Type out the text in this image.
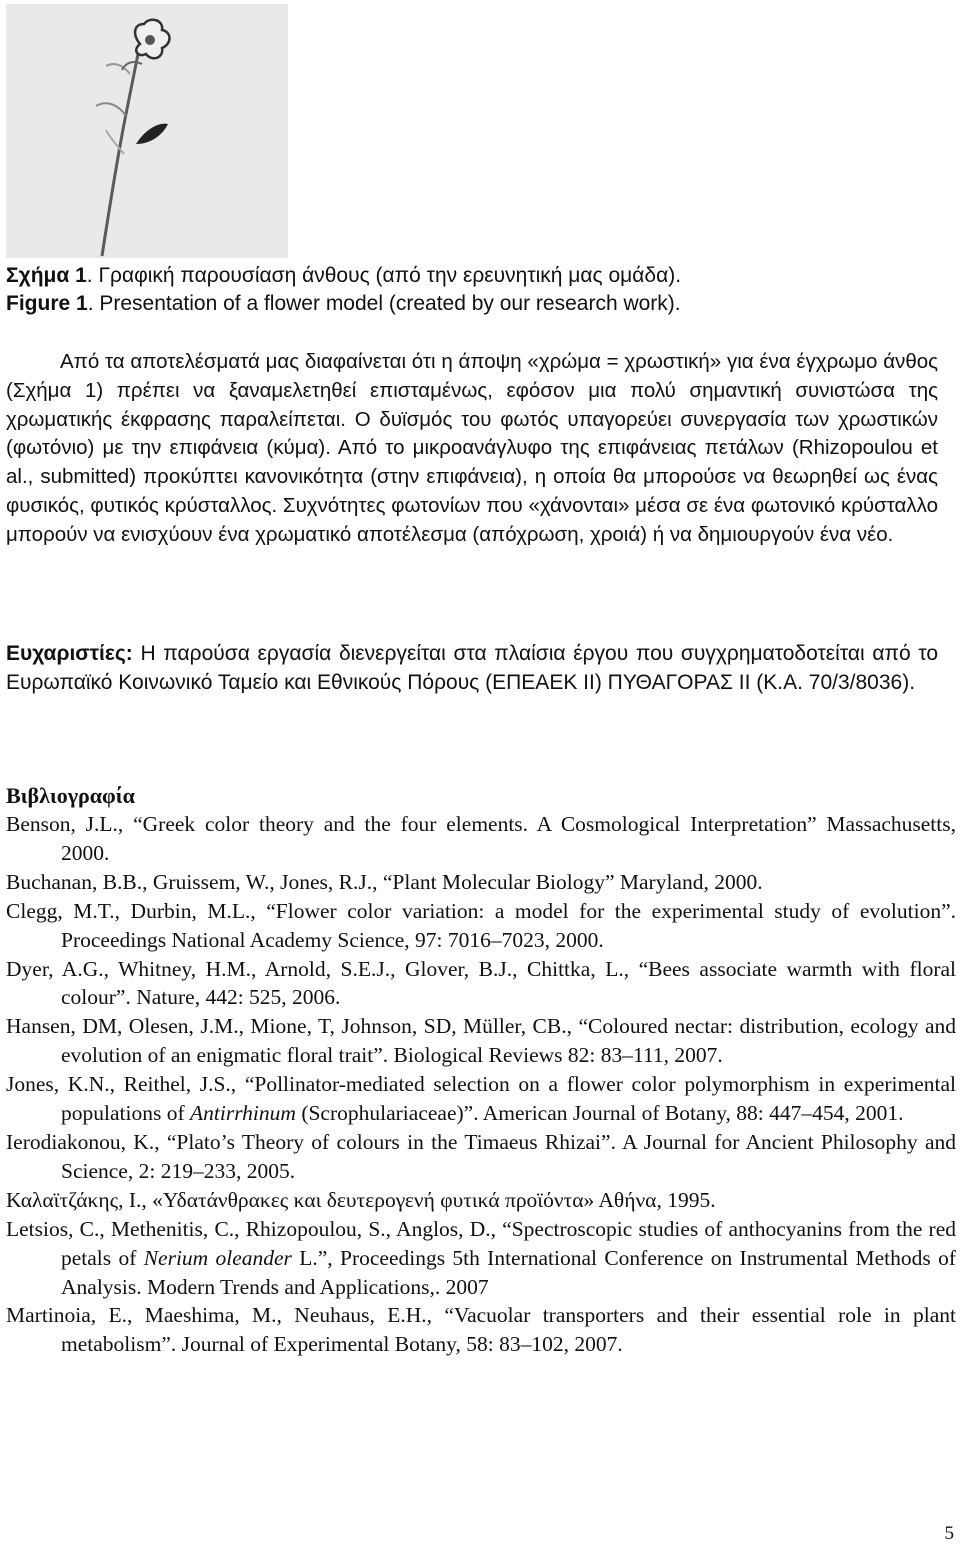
Σχήμα 1. Γραφική παρουσίαση άνθους (από την ερευνητική μας ομάδα).
Figure 1. Presentation of a flower model (created by our research work).
Από τα αποτελέσματά μας διαφαίνεται ότι η άποψη «χρώμα = χρωστική» για ένα έγχρωμο άνθος (Σχήμα 1) πρέπει να ξαναμελετηθεί επισταμένως, εφόσον μια πολύ σημαντική συνιστώσα της χρωματικής έκφρασης παραλείπεται. Ο δυϊσμός του φωτός υπαγορεύει συνεργασία των χρωστικών (φωτόνιο) με την επιφάνεια (κύμα). Από το μικροανάγλυφο της επιφάνειας πετάλων (Rhizopoulou et al., submitted) προκύπτει κανονικότητα (στην επιφάνεια), η οποία θα μπορούσε να θεωρηθεί ως ένας φυσικός, φυτικός κρύσταλλος. Συχνότητες φωτονίων που «χάνονται» μέσα σε ένα φωτονικό κρύσταλλο μπορούν να ενισχύουν ένα χρωματικό αποτέλεσμα (απόχρωση, χροιά) ή να δημιουργούν ένα νέο.
Ευχαριστίες: Η παρούσα εργασία διενεργείται στα πλαίσια έργου που συγχρηματοδοτείται από το Ευρωπαϊκό Κοινωνικό Ταμείο και Εθνικούς Πόρους (ΕΠΕΑΕΚ ΙΙ) ΠΥΘΑΓΟΡΑΣ ΙΙ (Κ.Α. 70/3/8036).
Βιβλιογραφία

Benson, J.L., “Greek color theory and the four elements. A Cosmological Interpretation” Massachusetts, 2000.

Buchanan, B.B., Gruissem, W., Jones, R.J., “Plant Molecular Biology” Maryland, 2000.

Clegg, M.T., Durbin, M.L., “Flower color variation: a model for the experimental study of evolution”. Proceedings National Academy Science, 97: 7016–7023, 2000.

Dyer, A.G., Whitney, H.M., Arnold, S.E.J., Glover, B.J., Chittka, L., “Bees associate warmth with floral colour”. Nature, 442: 525, 2006.

Hansen, DM, Olesen, J.M., Mione, T, Johnson, SD, Müller, CB., “Coloured nectar: distribution, ecology and evolution of an enigmatic floral trait”. Biological Reviews 82: 83–111, 2007.

Jones, K.N., Reithel, J.S., “Pollinator-mediated selection on a flower color polymorphism in experimental populations of Antirrhinum (Scrophulariaceae)”. American Journal of Botany, 88: 447–454, 2001.

Ierodiakonou, K., “Plato’s Theory of colours in the Timaeus Rhizai”. A Journal for Ancient Philosophy and Science, 2: 219–233, 2005.

Καλαϊτζάκης, Ι., «Υδατάνθρακες και δευτερογενή φυτικά προϊόντα» Αθήνα, 1995.

Letsios, C., Methenitis, C., Rhizopoulou, S., Anglos, D., “Spectroscopic studies of anthocyanins from the red petals of Nerium oleander L.”, Proceedings 5th International Conference on Instrumental Methods of Analysis. Modern Trends and Applications,. 2007

Martinoia, E., Maeshima, M., Neuhaus, E.H., “Vacuolar transporters and their essential role in plant metabolism”. Journal of Experimental Botany, 58: 83–102, 2007.

5
